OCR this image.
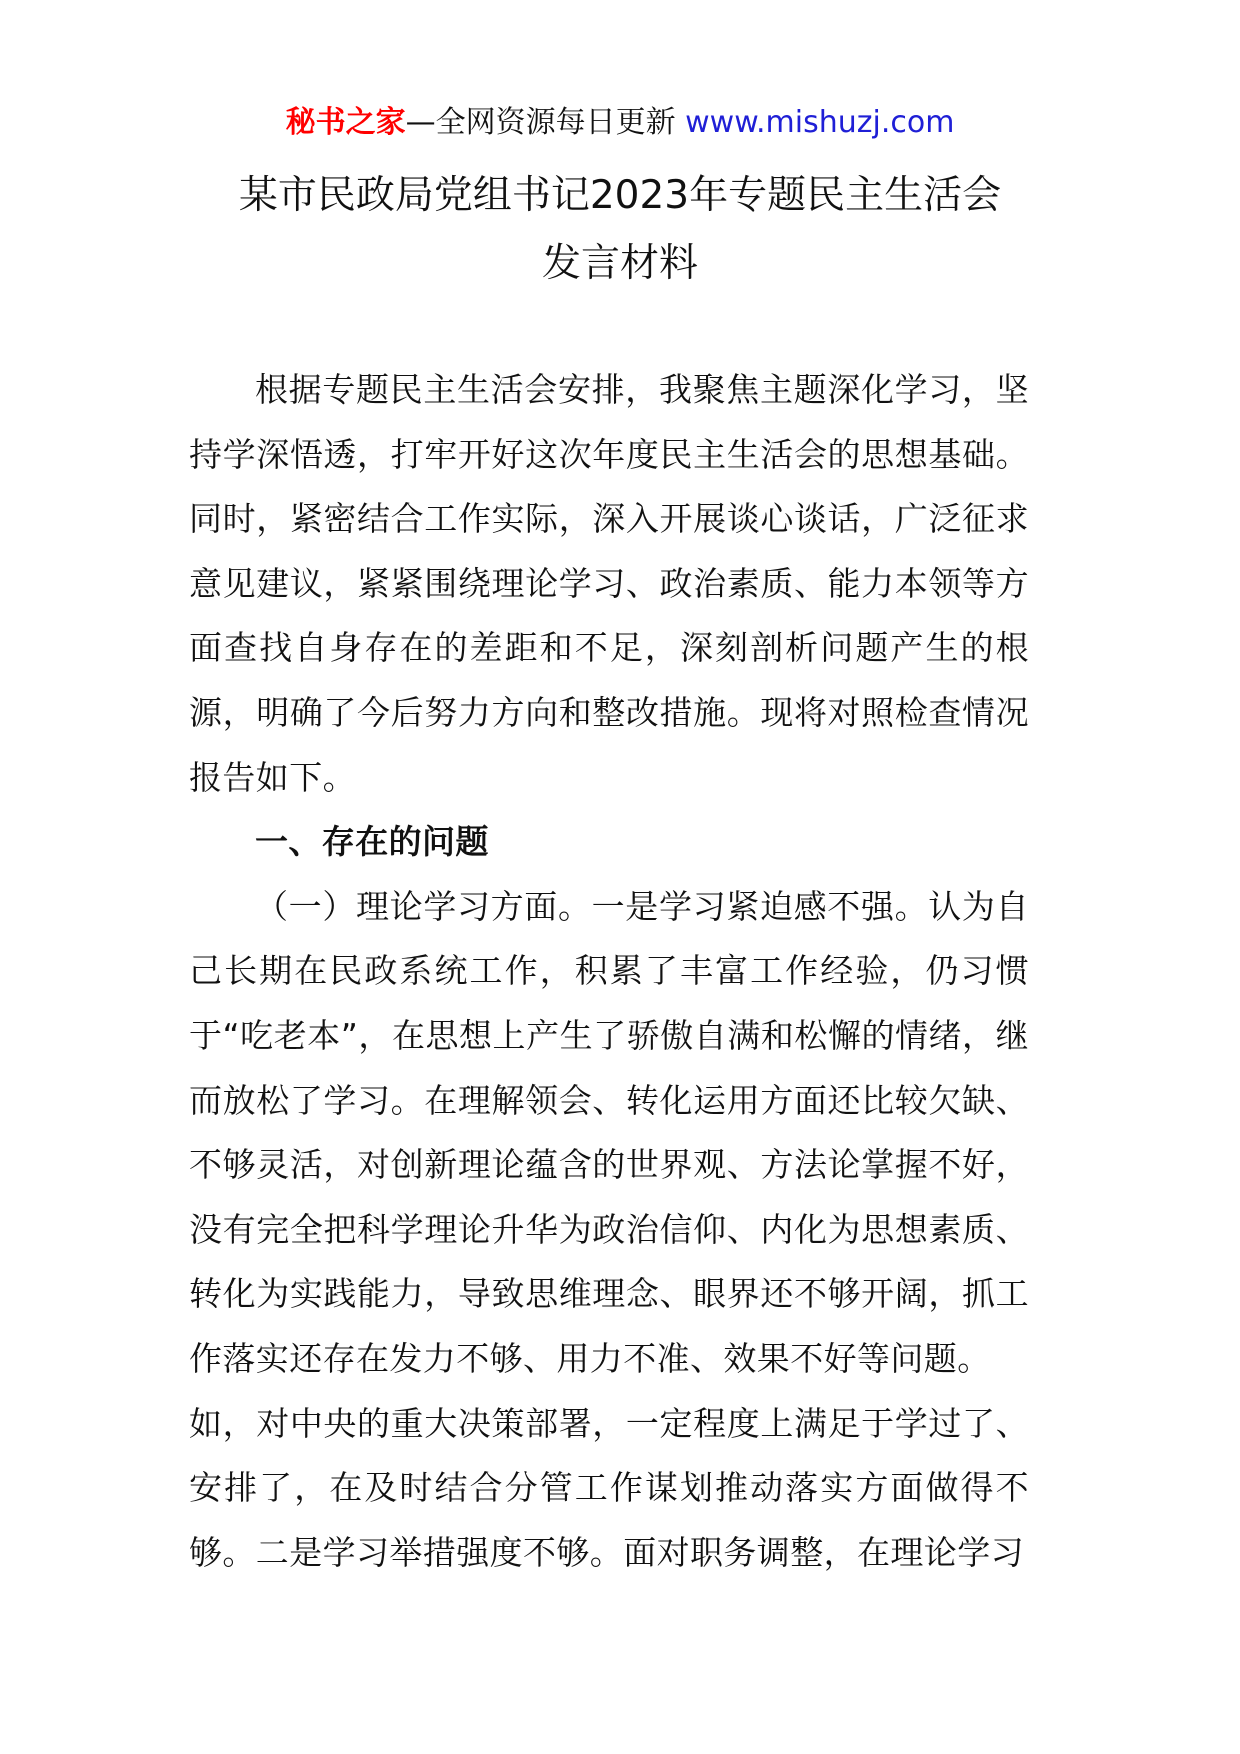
秘书之家—全网资源每日更新 www.mishuzj.com
某市民政局党组书记2023年专题民主生活会
发言材料

根据专题民主生活会安排，我聚焦主题深化学习，坚持学深悟透，打牢开好这次年度民主生活会的思想基础。同时，紧密结合工作实际，深入开展谈心谈话，广泛征求意见建议，紧紧围绕理论学习、政治素质、能力本领等方面查找自身存在的差距和不足，深刻剖析问题产生的根源，明确了今后努力方向和整改措施。现将对照检查情况报告如下。

一、存在的问题

（一）理论学习方面。一是学习紧迫感不强。认为自己长期在民政系统工作，积累了丰富工作经验，仍习惯于“吃老本”，在思想上产生了骄傲自满和松懈的情绪，继而放松了学习。在理解领会、转化运用方面还比较欠缺、不够灵活，对创新理论蕴含的世界观、方法论掌握不好，没有完全把科学理论升华为政治信仰、内化为思想素质、转化为实践能力，导致思维理念、眼界还不够开阔，抓工作落实还存在发力不够、用力不准、效果不好等问题。

如，对中央的重大决策部署，一定程度上满足于学过了、安排了，在及时结合分管工作谋划推动落实方面做得不够。二是学习举措强度不够。面对职务调整，在理论学习
